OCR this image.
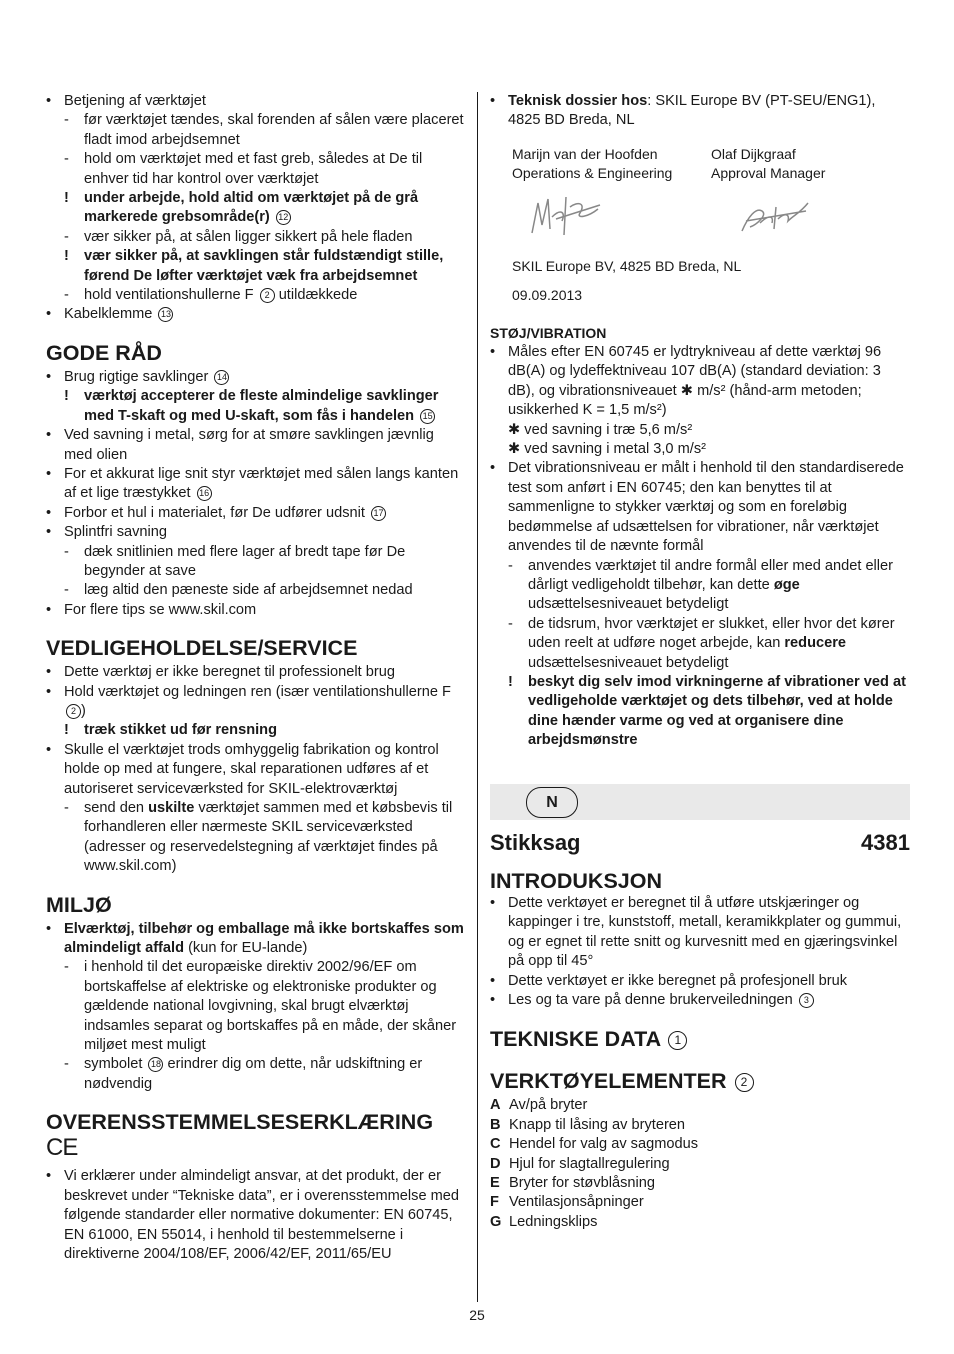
• Betjening af værktøjet
- før værktøjet tændes, skal forenden af sålen være placeret fladt imod arbejdsemnet
- hold om værktøjet med et fast greb, således at De til enhver tid har kontrol over værktøjet
! under arbejde, hold altid om værktøjet på de grå markerede grebsområde(r) 12
- vær sikker på, at sålen ligger sikkert på hele fladen
! vær sikker på, at savklingen står fuldstændigt stille, førend De løfter værktøjet væk fra arbejdsemnet
- hold ventilationshullerne F 2 utildækkede
• Kabelklemme 13
GODE RÅD
• Brug rigtige savklinger 14
! værktøj accepterer de fleste almindelige savklinger med T-skaft og med U-skaft, som fås i handelen 15
• Ved savning i metal, sørg for at smøre savklingen jævnlig med olien
• For et akkurat lige snit styr værktøjet med sålen langs kanten af et lige træstykket 16
• Forbor et hul i materialet, før De udfører udsnit 17
• Splintfri savning
- dæk snitlinien med flere lager af bredt tape før De begynder at save
- læg altid den pæneste side af arbejdsemnet nedad
• For flere tips se www.skil.com
VEDLIGEHOLDELSE/SERVICE
• Dette værktøj er ikke beregnet til professionelt brug
• Hold værktøjet og ledningen ren (især ventilationshullerne F 2 )
! træk stikket ud før rensning
• Skulle el værktøjet trods omhyggelig fabrikation og kontrol holde op med at fungere, skal reparationen udføres af et autoriseret serviceværksted for SKIL-elektroværktøj
- send den uskilte værktøjet sammen med et købsbevis til forhandleren eller nærmeste SKIL serviceværksted (adresser og reservedelstegning af værktøjet findes på www.skil.com)
MILJØ
• Elværktøj, tilbehør og emballage må ikke bortskaffes som almindeligt affald (kun for EU-lande)
- i henhold til det europæiske direktiv 2002/96/EF om bortskaffelse af elektriske og elektroniske produkter og gældende national lovgivning, skal brugt elværktøj indsamles separat og bortskaffes på en måde, der skåner miljøet mest muligt
- symbolet 18 erindrer dig om dette, når udskiftning er nødvendig
OVERENSSTEMMELSESERKLÆRING
CE
• Vi erklærer under almindeligt ansvar, at det produkt, der er beskrevet under “Tekniske data”, er i overensstemmelse med følgende standarder eller normative dokumenter: EN 60745, EN 61000, EN 55014, i henhold til bestemmelserne i direktiverne 2004/108/EF, 2006/42/EF, 2011/65/EU
• Teknisk dossier hos: SKIL Europe BV (PT-SEU/ENG1), 4825 BD Breda, NL
Marijn van der Hoofden
Operations & Engineering
Olaf Dijkgraaf
Approval Manager
SKIL Europe BV, 4825 BD Breda, NL
09.09.2013
STØJ/VIBRATION
• Måles efter EN 60745 er lydtrykniveau af dette værktøj 96 dB(A) og lydeffektniveau 107 dB(A) (standard deviation: 3 dB), og vibrationsniveauet ✱ m/s² (hånd-arm metoden; usikkerhed K = 1,5 m/s²)
✱ ved savning i træ 5,6 m/s²
✱ ved savning i metal 3,0 m/s²
• Det vibrationsniveau er målt i henhold til den standardiserede test som anført i EN 60745; den kan benyttes til at sammenligne to stykker værktøj og som en foreløbig bedømmelse af udsættelsen for vibrationer, når værktøjet anvendes til de nævnte formål
- anvendes værktøjet til andre formål eller med andet eller dårligt vedligeholdt tilbehør, kan dette øge udsættelsesniveauet betydeligt
- de tidsrum, hvor værktøjet er slukket, eller hvor det kører uden reelt at udføre noget arbejde, kan reducere udsættelsesniveauet betydeligt
! beskyt dig selv imod virkningerne af vibrationer ved at vedligeholde værktøjet og dets tilbehør, ved at holde dine hænder varme og ved at organisere dine arbejdsmønstre
N
Stikksag	4381
INTRODUKSJON
• Dette verktøyet er beregnet til å utføre utskjæringer og kappinger i tre, kunststoff, metall, keramikkplater og gummui, og er egnet til rette snitt og kurvesnitt med en gjæringsvinkel på opp til 45°
• Dette verktøyet er ikke beregnet på profesjonell bruk
• Les og ta vare på denne brukerveiledningen 3
TEKNISKE DATA 1
VERKTØYELEMENTER 2
A Av/på bryter
B Knapp til låsing av bryteren
C Hendel for valg av sagmodus
D Hjul for slagtallregulering
E Bryter for støvblåsning
F Ventilasjonsåpninger
G Ledningsklips
25
